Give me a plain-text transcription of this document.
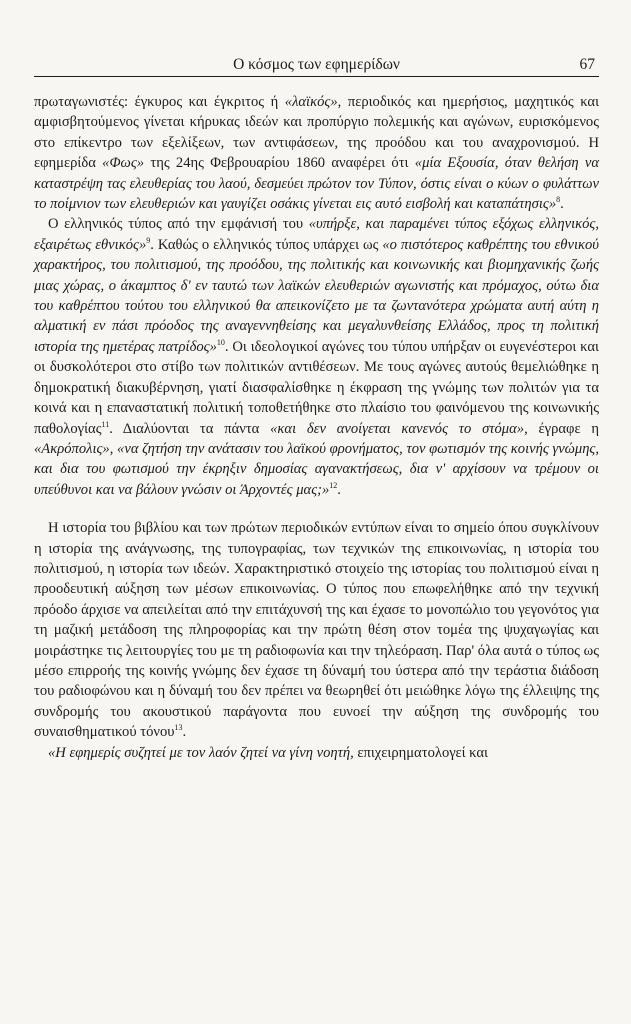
Ο κόσμος των εφημερίδων	67

πρωταγωνιστές: έγκυρος και έγκριτος ή «λαϊκός», περιοδικός και ημερήσιος, μαχητικός και αμφισβητούμενος γίνεται κήρυκας ιδεών και προπύργιο πολεμικής και αγώνων, ευρισκόμενος στο επίκεντρο των εξελίξεων, των αντιφάσεων, της προόδου και του αναχρονισμού. Η εφημερίδα «Φως» της 24ης Φεβρουαρίου 1860 αναφέρει ότι «μία Εξουσία, όταν θελήση να καταστρέψη τας ελευθερίας του λαού, δεσμεύει πρώτον τον Τύπον, όστις είναι ο κύων ο φυλάττων το ποίμνιον των ελευθεριών και γαυγίζει οσάκις γίνεται εις αυτό εισβολή και καταπάτησις»$^8$.

Ο ελληνικός τύπος από την εμφάνισή του «υπήρξε, και παραμένει τύπος εξόχως ελληνικός, εξαιρέτως εθνικός»$^9$. Καθώς ο ελληνικός τύπος υπάρχει ως «ο πιστότερος καθρέπτης του εθνικού χαρακτήρος, του πολιτισμού, της προόδου, της πολιτικής και κοινωνικής και βιομηχανικής ζωής μιας χώρας, ο άκαμπτος δ' εν ταυτώ των λαϊκών ελευθεριών αγωνιστής και πρόμαχος, ούτω δια του καθρέπτου τούτου του ελληνικού θα απεικονίζετο με τα ζωντανότερα χρώματα αυτή αύτη η αλματική εν πάσι πρόοδος της αναγεννηθείσης και μεγαλυνθείσης Ελλάδος, προς τη πολιτική ιστορία της ημετέρας πατρίδος»$^{10}$. Οι ιδεολογικοί αγώνες του τύπου υπήρξαν οι ευγενέστεροι και οι δυσκολότεροι στο στίβο των πολιτικών αντιθέσεων. Με τους αγώνες αυτούς θεμελιώθηκε η δημοκρατική διακυβέρνηση, γιατί διασφαλίσθηκε η έκφραση της γνώμης των πολιτών για τα κοινά και η επαναστατική πολιτική τοποθετήθηκε στο πλαίσιο του φαινόμενου της κοινωνικής παθολογίας$^{11}$. Διαλύονται τα πάντα «και δεν ανοίγεται κανενός το στόμα», έγραφε η «Ακρόπολις», «να ζητήση την ανάτασιν του λαϊκού φρονήματος, τον φωτισμόν της κοινής γνώμης, και δια του φωτισμού την έκρηξιν δημοσίας αγανακτήσεως, δια ν' αρχίσουν να τρέμουν οι υπεύθυνοι και να βάλουν γνώσιν οι Άρχοντές μας;»$^{12}$.

Η ιστορία του βιβλίου και των πρώτων περιοδικών εντύπων είναι το σημείο όπου συγκλίνουν η ιστορία της ανάγνωσης, της τυπογραφίας, των τεχνικών της επικοινωνίας, η ιστορία του πολιτισμού, η ιστορία των ιδεών. Χαρακτηριστικό στοιχείο της ιστορίας του πολιτισμού είναι η προοδευτική αύξηση των μέσων επικοινωνίας. Ο τύπος που επωφελήθηκε από την τεχνική πρόοδο άρχισε να απειλείται από την επιτάχυνσή της και έχασε το μονοπώλιο του γεγονότος για τη μαζική μετάδοση της πληροφορίας και την πρώτη θέση στον τομέα της ψυχαγωγίας και μοιράστηκε τις λειτουργίες του με τη ραδιοφωνία και την τηλεόραση. Παρ' όλα αυτά ο τύπος ως μέσο επιρροής της κοινής γνώμης δεν έχασε τη δύναμή του ύστερα από την τεράστια διάδοση του ραδιοφώνου και η δύναμή του δεν πρέπει να θεωρηθεί ότι μειώθηκε λόγω της έλλειψης της συνδρομής του ακουστικού παράγοντα που ευνοεί την αύξηση της συνδρομής του συναισθηματικού τόνου$^{13}$.

«Η εφημερίς συζητεί με τον λαόν ζητεί να γίνη νοητή, επιχειρηματολογεί και
